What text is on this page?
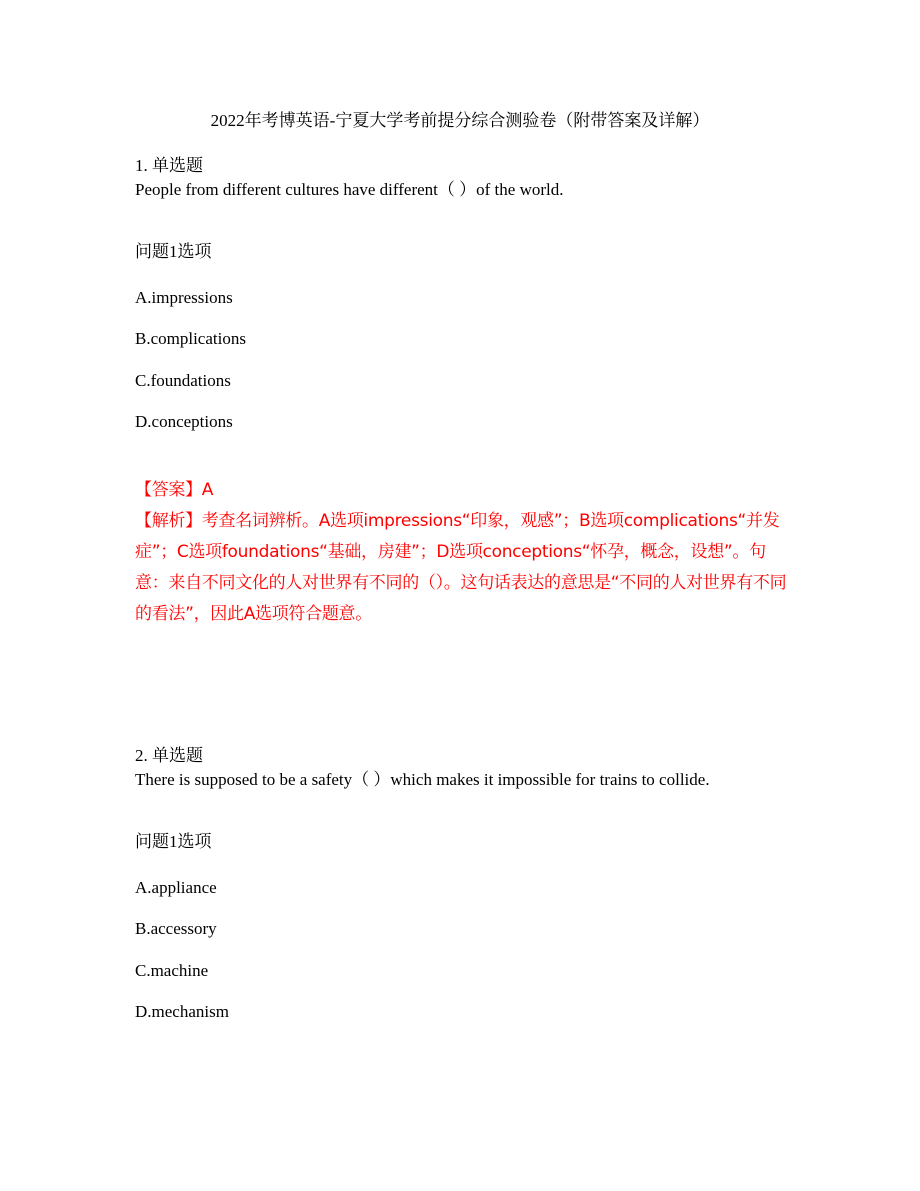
2022年考博英语-宁夏大学考前提分综合测验卷（附带答案及详解）

1. 单选题

People from different cultures have different（ ）of the world.

问题1选项

A.impressions

B.complications

C.foundations

D.conceptions

【答案】A

【解析】考查名词辨析。A选项impressions“印象，观感”；B选项complications“并发症”；C选项foundations“基础，房建”；D选项conceptions“怀孕，概念，设想”。句意：来自不同文化的人对世界有不同的（）。这句话表达的意思是“不同的人对世界有不同的看法”，因此A选项符合题意。

2. 单选题

There is supposed to be a safety（ ）which makes it impossible for trains to collide.

问题1选项

A.appliance

B.accessory

C.machine

D.mechanism
